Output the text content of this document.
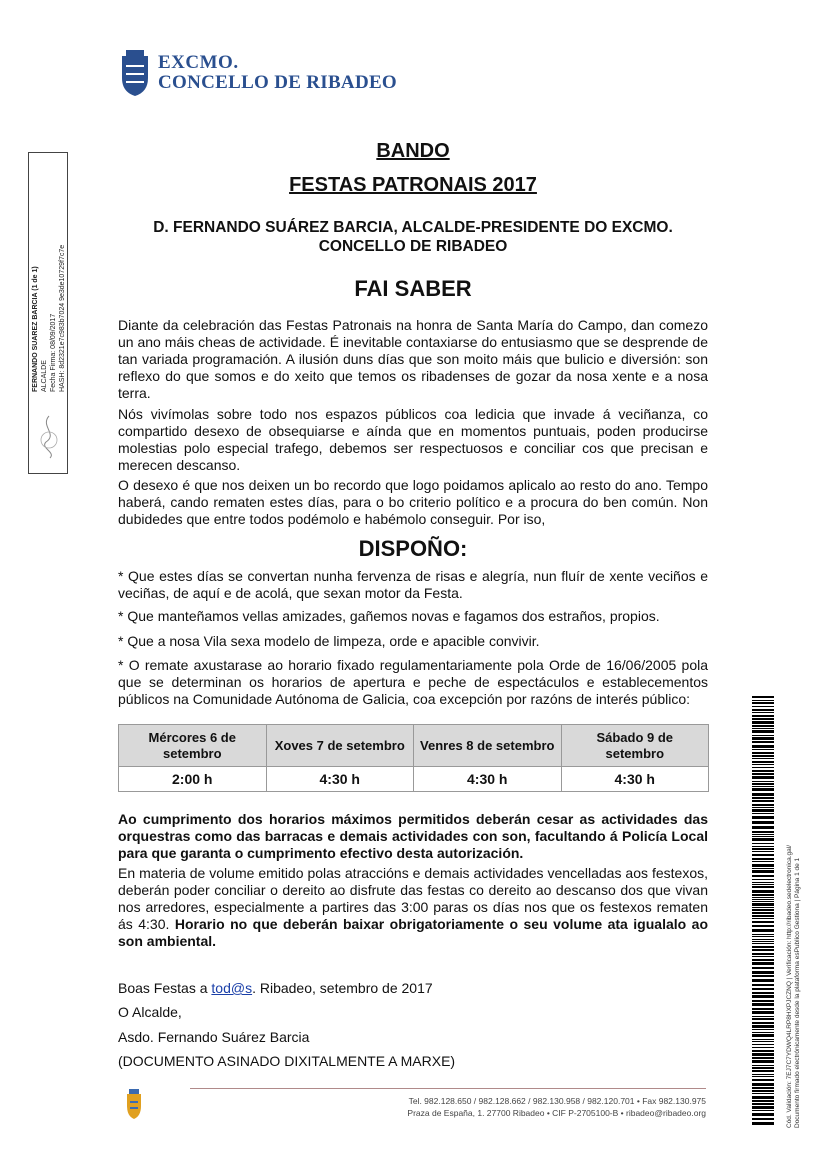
EXCMO.
CONCELLO DE RIBADEO
FERNANDO SUAREZ BARCIA (1 de 1) ALCALDE Fecha Firma: 08/09/2017 HASH: 8d2321e7c983b7024 9e3de10729f7c7e
BANDO
FESTAS PATRONAIS 2017
D. FERNANDO SUÁREZ BARCIA, ALCALDE-PRESIDENTE DO EXCMO. CONCELLO DE RIBADEO
FAI SABER
Diante da celebración das Festas Patronais na honra de Santa María do Campo, dan comezo un ano máis cheas de actividade. É inevitable contaxiarse do entusiasmo que se desprende de tan variada programación. A ilusión duns días que son moito máis que bulicio e diversión: son reflexo do que somos e do xeito que temos os ribadenses de gozar da nosa xente e a nosa terra.
Nós vivímolas sobre todo nos espazos públicos coa ledicia que invade á veciñanza, co compartido desexo de obsequiarse e aínda que en momentos puntuais, poden producirse molestias polo especial trafego, debemos ser respectuosos e conciliar cos que precisan e merecen descanso.
O desexo é que nos deixen un bo recordo que logo poidamos aplicalo ao resto do ano. Tempo haberá, cando rematen estes días, para o bo criterio político e a procura do ben común. Non dubidedes que entre todos podémolo e habémolo conseguir. Por iso,
DISPOÑO:
* Que estes días se convertan nunha fervenza de risas e alegría, nun fluír de xente veciños e veciñas, de aquí e de acolá, que sexan motor da Festa.
* Que manteñamos vellas amizades, gañemos novas e fagamos dos estraños, propios.
* Que a nosa Vila sexa modelo de limpeza, orde e apacible convivir.
* O remate axustarase ao horario fixado regulamentariamente pola Orde de 16/06/2005 pola que se determinan os horarios de apertura e peche de espectáculos e establecementos públicos na Comunidade Autónoma de Galicia, coa excepción por razóns de interés público:
Mércores 6 de setembro	Xoves 7 de setembro	Venres 8 de setembro	Sábado 9 de setembro
2:00 h	4:30 h	4:30 h	4:30 h
Ao cumprimento dos horarios máximos permitidos deberán cesar as actividades das orquestras como das barracas e demais actividades con son, facultando á Policía Local para que garanta o cumprimento efectivo desta autorización.
En materia de volume emitido polas atraccións e demais actividades vencelladas aos festexos, deberán poder conciliar o dereito ao disfrute das festas co dereito ao descanso dos que vivan nos arredores, especialmente a partires das 3:00 paras os días nos que os festexos rematen ás 4:30. Horario no que deberán baixar obrigatoriamente o seu volume ata igualalo ao son ambiental.
Boas Festas a tod@s. Ribadeo, setembro de 2017
O Alcalde,
Asdo. Fernando Suárez Barcia
(DOCUMENTO ASINADO DIXITALMENTE A MARXE)
Tel. 982.128.650 / 982.128.662 / 982.130.958 / 982.120.701 • Fax 982.130.975
Praza de España, 1. 27700 Ribadeo • CIF P-2705100-B • ribadeo@ribadeo.org	Cód. Validación: 7EJ7C7YDWQ4LRP8HXPJCZNQ | Verificación: http://ribadeo.sedelectronica.gal/ Documento firmado electrónicamente desde la plataforma esPublico Gestiona | Página 1 de 1
